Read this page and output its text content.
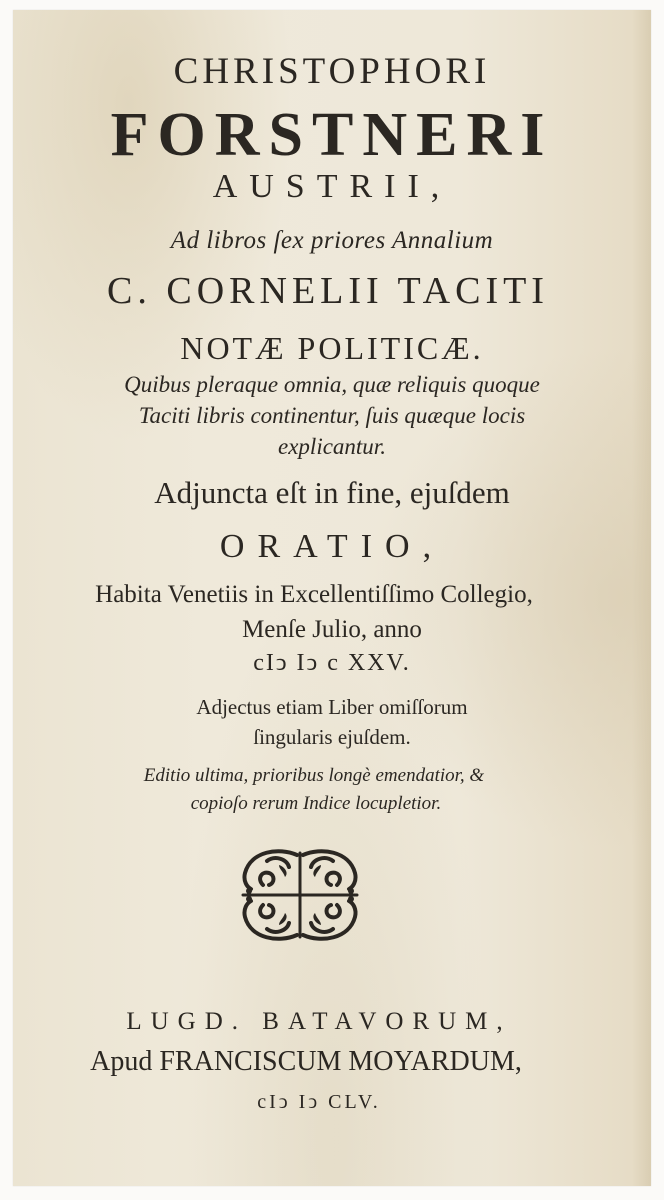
CHRISTOPHORI
FORSTNERI
AUSTRII,
Ad libros ſex priores Annalium
C. CORNELII TACITI
NOTÆ POLITICÆ.
Quibus pleraque omnia, quæ reliquis quoque
Taciti libris continentur, ſuis quæque locis
explicantur.
Adjuncta eſt in fine, ejuſdem
ORATIO,
Habita Venetiis in Excellentiſſimo Collegio,
Menſe Julio, anno
cIↄ Iↄ c XXV.
Adjectus etiam Liber omiſſorum
ſingularis ejuſdem.
Editio ultima, prioribus longè emendatior, &
copioſo rerum Indice locupletior.
LUGD. BATAVORUM,
Apud FRANCISCUM MOYARDUM,
cIↄ Iↄ CLV.
